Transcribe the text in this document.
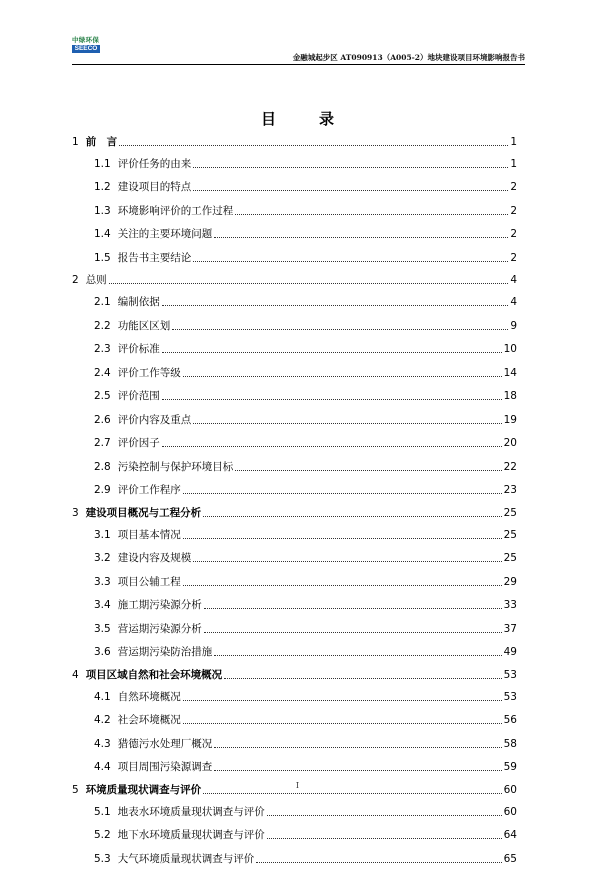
中绿环保
SEECO
金融城起步区 AT090913（A005-2）地块建设项目环境影响报告书
目　录
1 前　言	1
1.1 评价任务的由来	1
1.2 建设项目的特点	2
1.3 环境影响评价的工作过程	2
1.4 关注的主要环境问题	2
1.5 报告书主要结论	2
2 总则	4
2.1 编制依据	4
2.2 功能区区划	9
2.3 评价标准	10
2.4 评价工作等级	14
2.5 评价范围	18
2.6 评价内容及重点	19
2.7 评价因子	20
2.8 污染控制与保护环境目标	22
2.9 评价工作程序	23
3 建设项目概况与工程分析	25
3.1 项目基本情况	25
3.2 建设内容及规模	25
3.3 项目公辅工程	29
3.4 施工期污染源分析	33
3.5 营运期污染源分析	37
3.6 营运期污染防治措施	49
4 项目区域自然和社会环境概况	53
4.1 自然环境概况	53
4.2 社会环境概况	56
4.3 猎德污水处理厂概况	58
4.4 项目周围污染源调查	59
5 环境质量现状调查与评价	60
5.1 地表水环境质量现状调查与评价	60
5.2 地下水环境质量现状调查与评价	64
5.3 大气环境质量现状调查与评价	65
I
